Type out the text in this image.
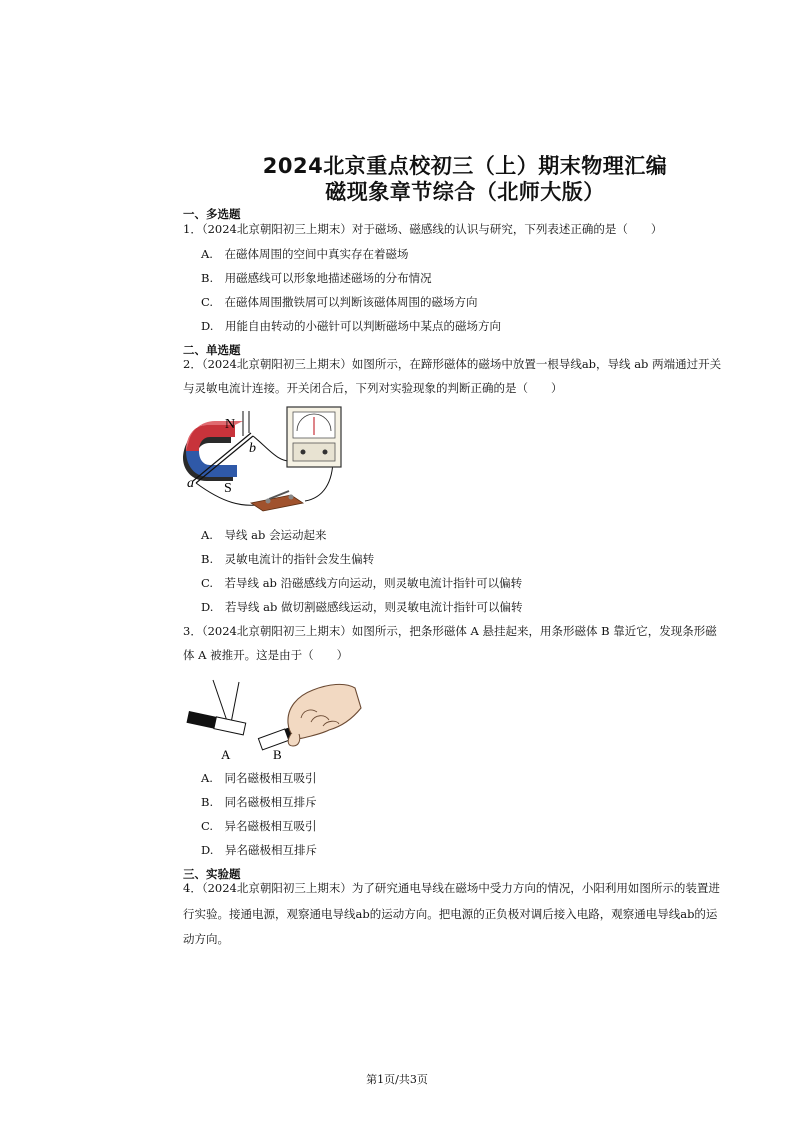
2024北京重点校初三（上）期末物理汇编
磁现象章节综合（北师大版）
一、多选题
1．（2024北京朝阳初三上期末）对于磁场、磁感线的认识与研究，下列表述正确的是（　　）
A.　在磁体周围的空间中真实存在着磁场
B.　用磁感线可以形象地描述磁场的分布情况
C.　在磁体周围撒铁屑可以判断该磁体周围的磁场方向
D.　用能自由转动的小磁针可以判断磁场中某点的磁场方向
二、单选题
2．（2024北京朝阳初三上期末）如图所示，在蹄形磁体的磁场中放置一根导线ab，导线 ab 两端通过开关
与灵敏电流计连接。开关闭合后，下列对实验现象的判断正确的是（　　）
N
S
a
b
A.　导线 ab 会运动起来
B.　灵敏电流计的指针会发生偏转
C.　若导线 ab 沿磁感线方向运动，则灵敏电流计指针可以偏转
D.　若导线 ab 做切割磁感线运动，则灵敏电流计指针可以偏转
3．（2024北京朝阳初三上期末）如图所示，把条形磁体 A 悬挂起来，用条形磁体 B 靠近它，发现条形磁
体 A 被推开。这是由于（　　）
A	B
A.　同名磁极相互吸引
B.　同名磁极相互排斥
C.　异名磁极相互吸引
D.　异名磁极相互排斥
三、实验题
4．（2024北京朝阳初三上期末）为了研究通电导线在磁场中受力方向的情况，小阳利用如图所示的装置进
行实验。接通电源，观察通电导线ab的运动方向。把电源的正负极对调后接入电路，观察通电导线ab的运
动方向。
第1页/共3页
